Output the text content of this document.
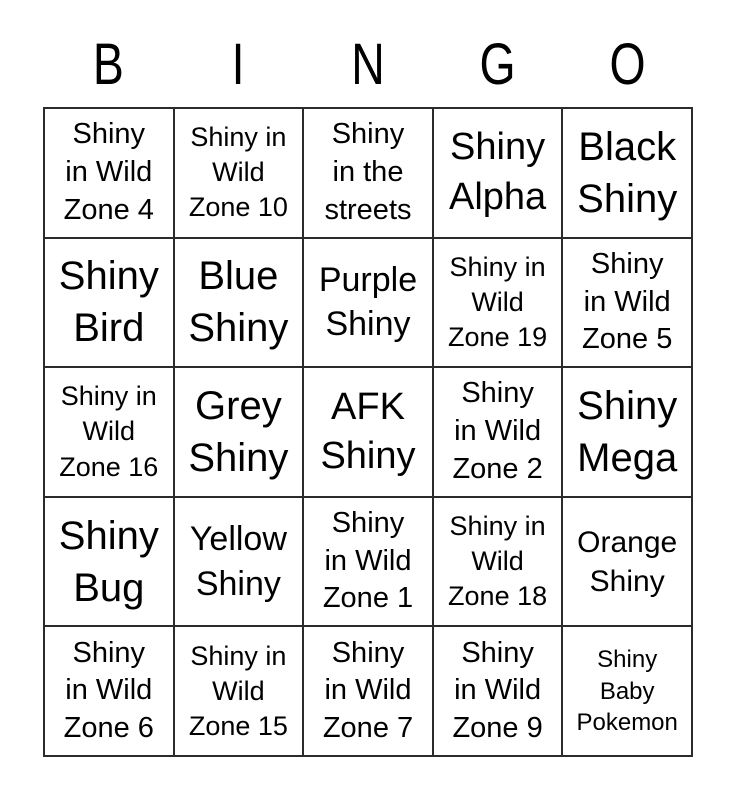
B I N G O
Shiny
in Wild
Zone 4
Shiny in
Wild
Zone 10
Shiny
in the
streets
Shiny
Alpha
Black
Shiny
Shiny
Bird
Blue
Shiny
Purple
Shiny
Shiny in
Wild
Zone 19
Shiny
in Wild
Zone 5
Shiny in
Wild
Zone 16
Grey
Shiny
AFK
Shiny
Shiny
in Wild
Zone 2
Shiny
Mega
Shiny
Bug
Yellow
Shiny
Shiny
in Wild
Zone 1
Shiny in
Wild
Zone 18
Orange
Shiny
Shiny
in Wild
Zone 6
Shiny in
Wild
Zone 15
Shiny
in Wild
Zone 7
Shiny
in Wild
Zone 9
Shiny
Baby
Pokemon
